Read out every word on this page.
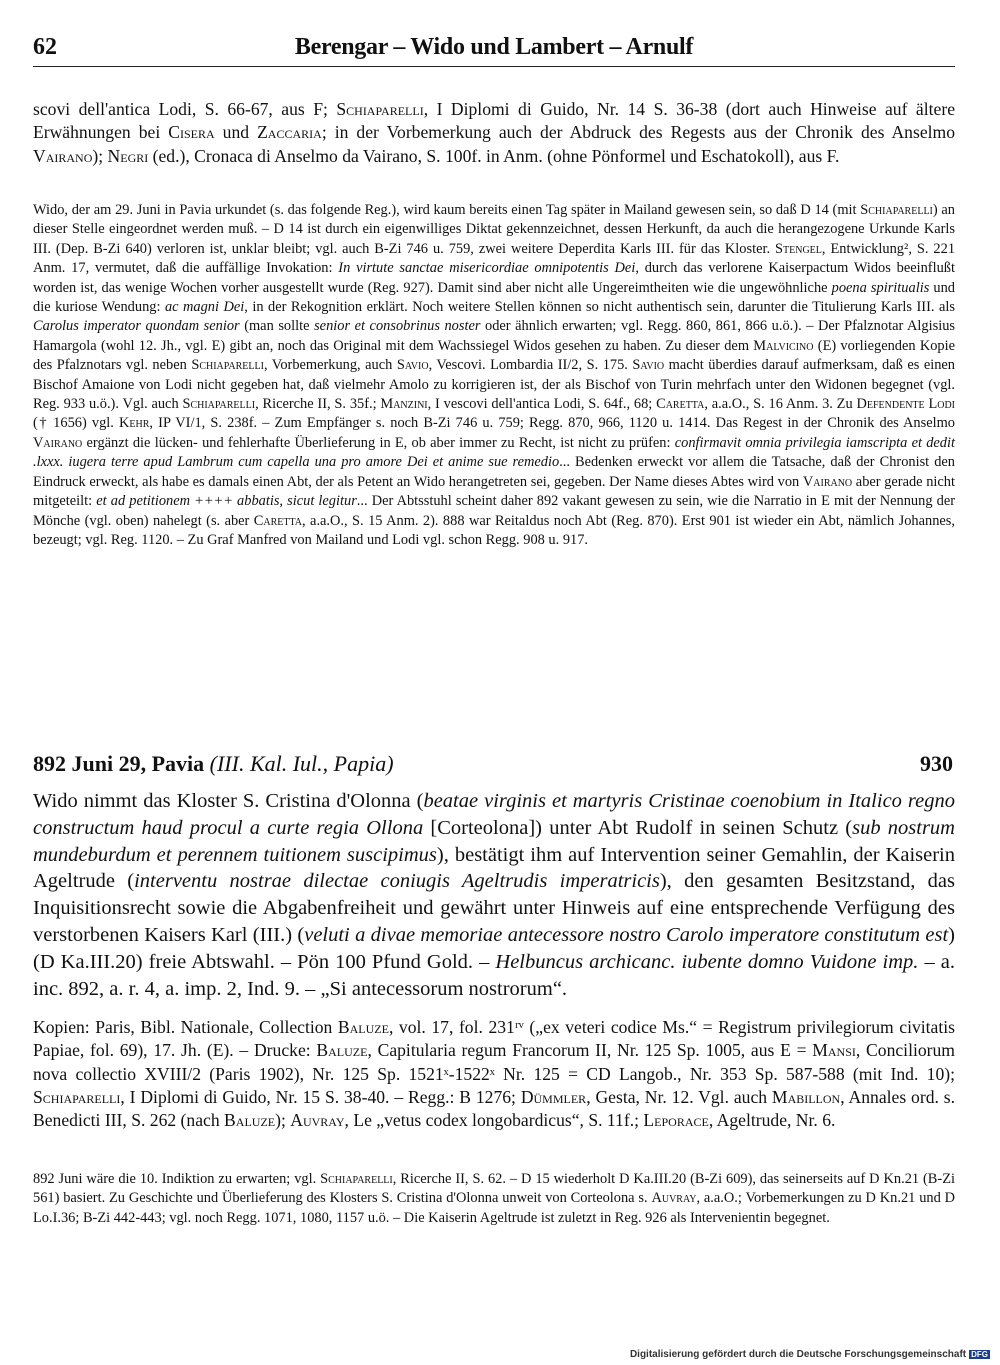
62	Berengar – Wido und Lambert – Arnulf

scovi dell'antica Lodi, S. 66-67, aus F; Schiaparelli, I Diplomi di Guido, Nr. 14 S. 36-38 (dort auch Hinweise auf ältere Erwähnungen bei Cisera und Zaccaria; in der Vorbemerkung auch der Abdruck des Regests aus der Chronik des Anselmo Vairano); Negri (ed.), Cronaca di Anselmo da Vairano, S. 100f. in Anm. (ohne Pönformel und Eschatokoll), aus F.

Wido, der am 29. Juni in Pavia urkundet (s. das folgende Reg.), wird kaum bereits einen Tag später in Mailand gewesen sein, so daß D 14 (mit Schiaparelli) an dieser Stelle eingeordnet werden muß. – D 14 ist durch ein eigenwilliges Diktat gekennzeichnet, dessen Herkunft, da auch die herangezogene Urkunde Karls III. (Dep. B-Zi 640) verloren ist, unklar bleibt; vgl. auch B-Zi 746 u. 759, zwei weitere Deperdita Karls III. für das Kloster. Stengel, Entwicklung², S. 221 Anm. 17, vermutet, daß die auffällige Invokation: In virtute sanctae misericordiae omnipotentis Dei, durch das verlorene Kaiserpactum Widos beeinflußt worden ist, das wenige Wochen vorher ausgestellt wurde (Reg. 927). Damit sind aber nicht alle Ungereimtheiten wie die ungewöhnliche poena spiritualis und die kuriose Wendung: ac magni Dei, in der Rekognition erklärt. Noch weitere Stellen können so nicht authentisch sein, darunter die Titulierung Karls III. als Carolus imperator quondam senior (man sollte senior et consobrinus noster oder ähnlich erwarten; vgl. Regg. 860, 861, 866 u.ö.). – Der Pfalznotar Algisius Hamargola (wohl 12. Jh., vgl. E) gibt an, noch das Original mit dem Wachssiegel Widos gesehen zu haben. Zu dieser dem Malvicino (E) vorliegenden Kopie des Pfalznotars vgl. neben Schiaparelli, Vorbemerkung, auch Savio, Vescovi. Lombardia II/2, S. 175. Savio macht überdies darauf aufmerksam, daß es einen Bischof Amaione von Lodi nicht gegeben hat, daß vielmehr Amolo zu korrigieren ist, der als Bischof von Turin mehrfach unter den Widonen begegnet (vgl. Reg. 933 u.ö.). Vgl. auch Schiaparelli, Ricerche II, S. 35f.; Manzini, I vescovi dell'antica Lodi, S. 64f., 68; Caretta, a.a.O., S. 16 Anm. 3. Zu Defendente Lodi († 1656) vgl. Kehr, IP VI/1, S. 238f. – Zum Empfänger s. noch B-Zi 746 u. 759; Regg. 870, 966, 1120 u. 1414. Das Regest in der Chronik des Anselmo Vairano ergänzt die lücken- und fehlerhafte Überlieferung in E, ob aber immer zu Recht, ist nicht zu prüfen: confirmavit omnia privilegia iamscripta et dedit .lxxx. iugera terre apud Lambrum cum capella una pro amore Dei et anime sue remedio... Bedenken erweckt vor allem die Tatsache, daß der Chronist den Eindruck erweckt, als habe es damals einen Abt, der als Petent an Wido herangetreten sei, gegeben. Der Name dieses Abtes wird von Vairano aber gerade nicht mitgeteilt: et ad petitionem ++++ abbatis, sicut legitur... Der Abtsstuhl scheint daher 892 vakant gewesen zu sein, wie die Narratio in E mit der Nennung der Mönche (vgl. oben) nahelegt (s. aber Caretta, a.a.O., S. 15 Anm. 2). 888 war Reitaldus noch Abt (Reg. 870). Erst 901 ist wieder ein Abt, nämlich Johannes, bezeugt; vgl. Reg. 1120. – Zu Graf Manfred von Mailand und Lodi vgl. schon Regg. 908 u. 917.

892 Juni 29, Pavia (III. Kal. Iul., Papia)	930

Wido nimmt das Kloster S. Cristina d'Olonna (beatae virginis et martyris Cristinae coenobium in Italico regno constructum haud procul a curte regia Ollona [Corteolona]) unter Abt Rudolf in seinen Schutz (sub nostrum mundeburdum et perennem tuitionem suscipimus), bestätigt ihm auf Intervention seiner Gemahlin, der Kaiserin Ageltrude (interventu nostrae dilectae coniugis Ageltrudis imperatricis), den gesamten Besitzstand, das Inquisitionsrecht sowie die Abgabenfreiheit und gewährt unter Hinweis auf eine entsprechende Verfügung des verstorbenen Kaisers Karl (III.) (veluti a divae memoriae antecessore nostro Carolo imperatore constitutum est) (D Ka.III.20) freie Abtswahl. – Pön 100 Pfund Gold. – Helbuncus archicanc. iubente domno Vuidone imp. – a. inc. 892, a. r. 4, a. imp. 2, Ind. 9. – „Si antecessorum nostrorum“.

Kopien: Paris, Bibl. Nationale, Collection Baluze, vol. 17, fol. 231ʳᵛ („ex veteri codice Ms.“ = Registrum privilegiorum civitatis Papiae, fol. 69), 17. Jh. (E). – Drucke: Baluze, Capitularia regum Francorum II, Nr. 125 Sp. 1005, aus E = Mansi, Conciliorum nova collectio XVIII/2 (Paris 1902), Nr. 125 Sp. 1521ˣ-1522ˣ Nr. 125 = CD Langob., Nr. 353 Sp. 587-588 (mit Ind. 10); Schiaparelli, I Diplomi di Guido, Nr. 15 S. 38-40. – Regg.: B 1276; Dümmler, Gesta, Nr. 12. Vgl. auch Mabillon, Annales ord. s. Benedicti III, S. 262 (nach Baluze); Auvray, Le „vetus codex longobardicus“, S. 11f.; Leporace, Ageltrude, Nr. 6.

892 Juni wäre die 10. Indiktion zu erwarten; vgl. Schiaparelli, Ricerche II, S. 62. – D 15 wiederholt D Ka.III.20 (B-Zi 609), das seinerseits auf D Kn.21 (B-Zi 561) basiert. Zu Geschichte und Überlieferung des Klosters S. Cristina d'Olonna unweit von Corteolona s. Auvray, a.a.O.; Vorbemerkungen zu D Kn.21 und D Lo.I.36; B-Zi 442-443; vgl. noch Regg. 1071, 1080, 1157 u.ö. – Die Kaiserin Ageltrude ist zuletzt in Reg. 926 als Intervenientin begegnet.

Digitalisierung gefördert durch die Deutsche Forschungsgemeinschaft DFG
